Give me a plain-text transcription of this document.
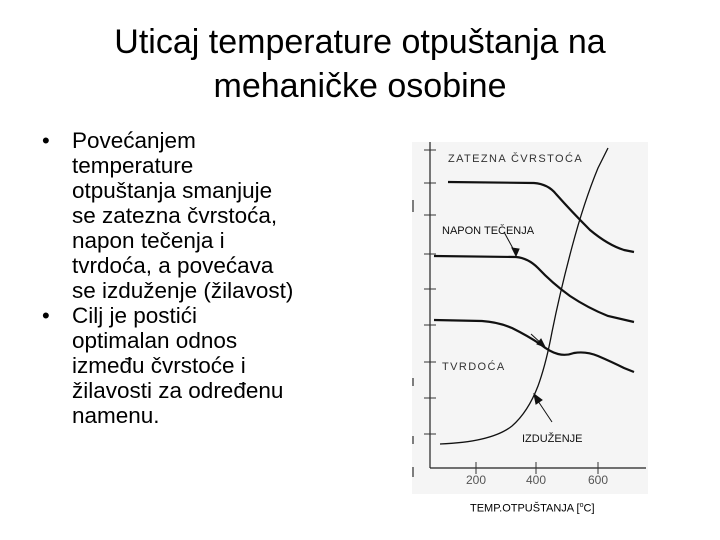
Uticaj temperature otpuštanja na
mehaničke osobine
• Povećanjem
temperature
otpuštanja smanjuje
se zatezna čvrstoća,
napon tečenja i
tvrdoća, a povećava
se izduženje (žilavost)
• Cilj je postići
optimalan odnos
između čvrstoće i
žilavosti za određenu
namenu.
ZATEZNA ČVRSTOĆA
NAPON TEČENJA
TVRDOĆA
IZDUŽENJE
200	400	600
TEMP.OTPUŠTANJA [$^o$C]
